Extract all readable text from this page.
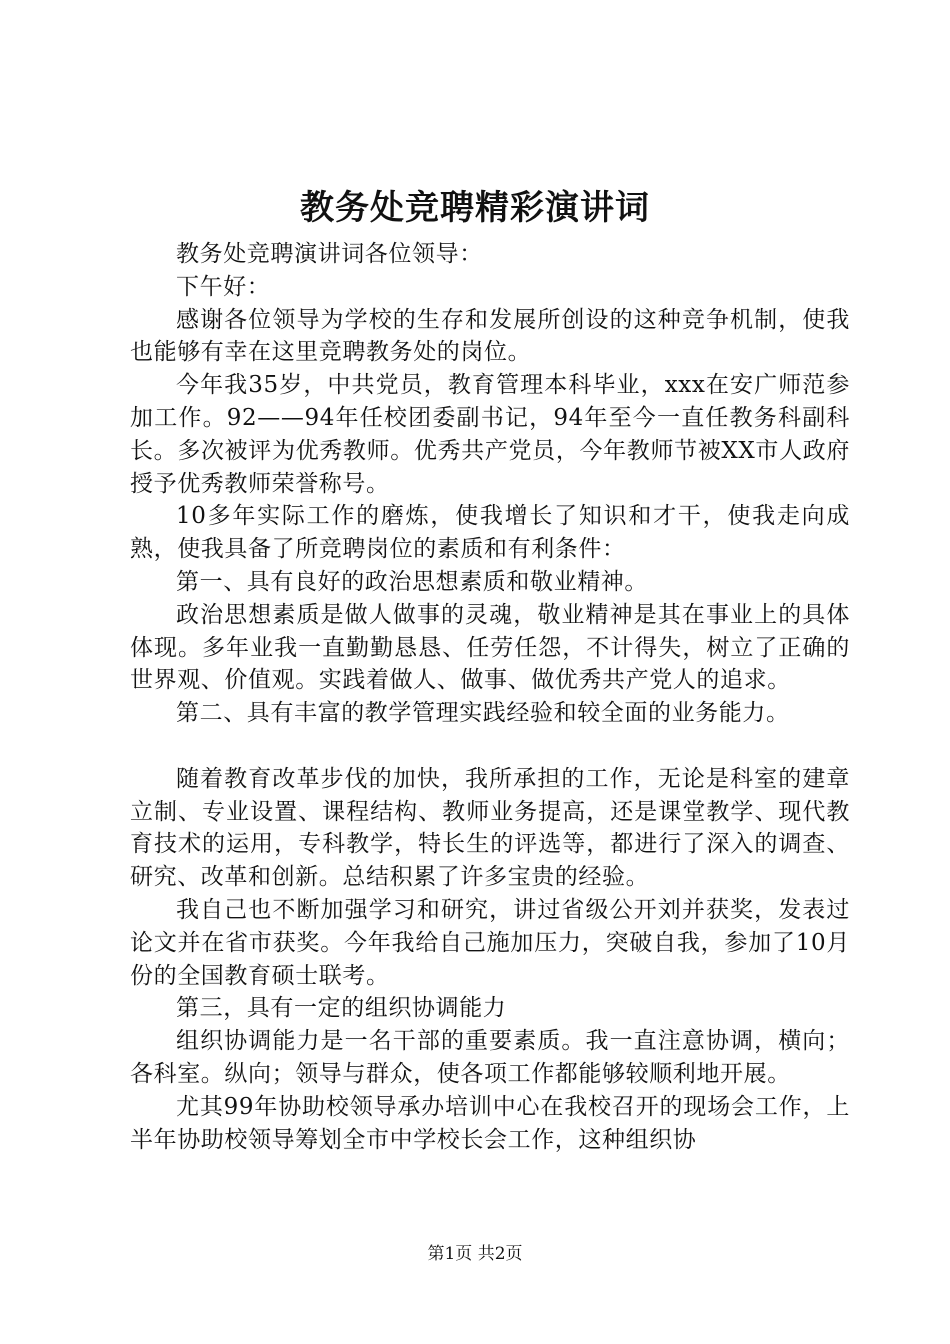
教务处竞聘精彩演讲词

教务处竞聘演讲词各位领导：

下午好：

感谢各位领导为学校的生存和发展所创设的这种竞争机制，使我也能够有幸在这里竞聘教务处的岗位。

今年我35岁，中共党员，教育管理本科毕业，xxx在安广师范参加工作。92——94年任校团委副书记，94年至今一直任教务科副科长。多次被评为优秀教师。优秀共产党员，今年教师节被XX市人政府授予优秀教师荣誉称号。

10多年实际工作的磨炼，使我增长了知识和才干，使我走向成熟，使我具备了所竞聘岗位的素质和有利条件：

第一、具有良好的政治思想素质和敬业精神。

政治思想素质是做人做事的灵魂，敬业精神是其在事业上的具体体现。多年业我一直勤勤恳恳、任劳任怨，不计得失，树立了正确的世界观、价值观。实践着做人、做事、做优秀共产党人的追求。

第二、具有丰富的教学管理实践经验和较全面的业务能力。

随着教育改革步伐的加快，我所承担的工作，无论是科室的建章立制、专业设置、课程结构、教师业务提高，还是课堂教学、现代教育技术的运用，专科教学，特长生的评选等，都进行了深入的调查、研究、改革和创新。总结积累了许多宝贵的经验。

我自己也不断加强学习和研究，讲过省级公开刘并获奖，发表过论文并在省市获奖。今年我给自己施加压力，突破自我，参加了10月份的全国教育硕士联考。

第三，具有一定的组织协调能力

组织协调能力是一名干部的重要素质。我一直注意协调，横向；各科室。纵向；领导与群众，使各项工作都能够较顺利地开展。

尤其99年协助校领导承办培训中心在我校召开的现场会工作，上半年协助校领导筹划全市中学校长会工作，这种组织协

第1页 共2页
